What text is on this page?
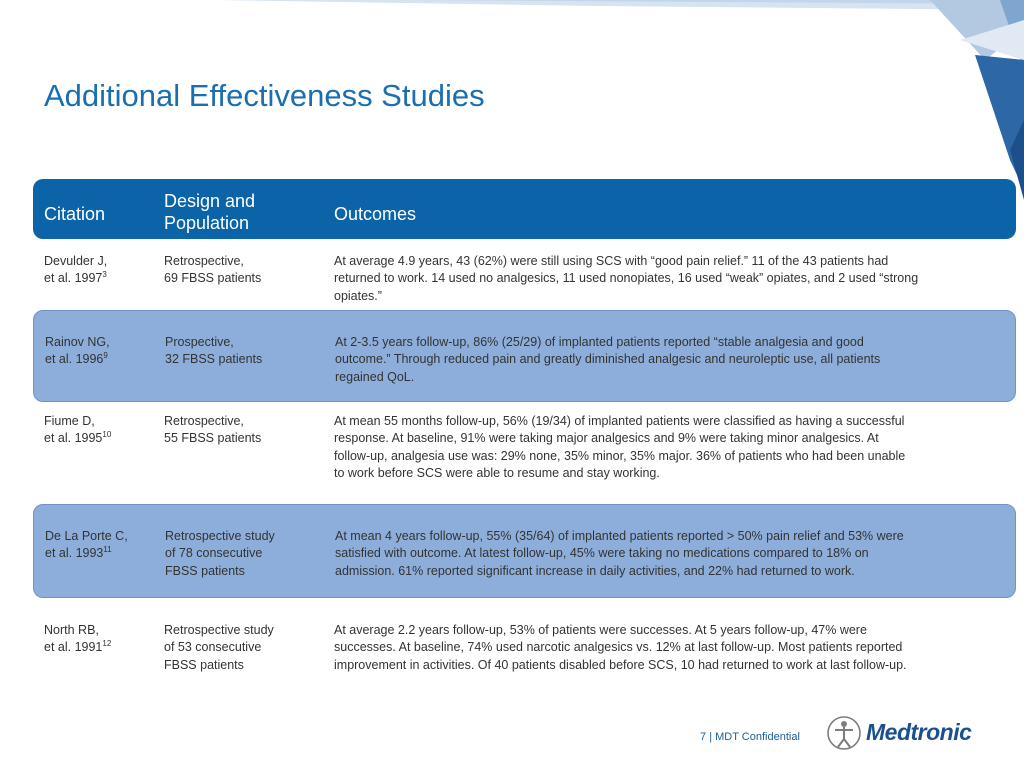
Additional Effectiveness Studies
Citation
Design and
Population	Outcomes
Devulder J,
et al. 1997$^3$
Retrospective,
69 FBSS patients
At average 4.9 years, 43 (62%) were still using SCS with “good pain relief.” 11 of the 43 patients had
returned to work. 14 used no analgesics, 11 used nonopiates, 16 used “weak” opiates, and 2 used “strong
opiates.”
Rainov NG,
et al. 1996$^9$
Prospective,
32 FBSS patients
At 2-3.5 years follow-up, 86% (25/29) of implanted patients reported “stable analgesia and good
outcome.” Through reduced pain and greatly diminished analgesic and neuroleptic use, all patients
regained QoL.
Fiume D,
et al. 1995$^{10}$
Retrospective,
55 FBSS patients
At mean 55 months follow-up, 56% (19/34) of implanted patients were classified as having a successful
response. At baseline, 91% were taking major analgesics and 9% were taking minor analgesics. At
follow-up, analgesia use was: 29% none, 35% minor, 35% major. 36% of patients who had been unable
to work before SCS were able to resume and stay working.
De La Porte C,
et al. 1993$^{11}$
Retrospective study
of 78 consecutive
FBSS patients
At mean 4 years follow-up, 55% (35/64) of implanted patients reported > 50% pain relief and 53% were
satisfied with outcome. At latest follow-up, 45% were taking no medications compared to 18% on
admission. 61% reported significant increase in daily activities, and 22% had returned to work.
North RB,
et al. 1991$^{12}$
Retrospective study
of 53 consecutive
FBSS patients
At average 2.2 years follow-up, 53% of patients were successes. At 5 years follow-up, 47% were
successes. At baseline, 74% used narcotic analgesics vs. 12% at last follow-up. Most patients reported
improvement in activities. Of 40 patients disabled before SCS, 10 had returned to work at last follow-up.
7 | MDT Confidential	Medtronic
